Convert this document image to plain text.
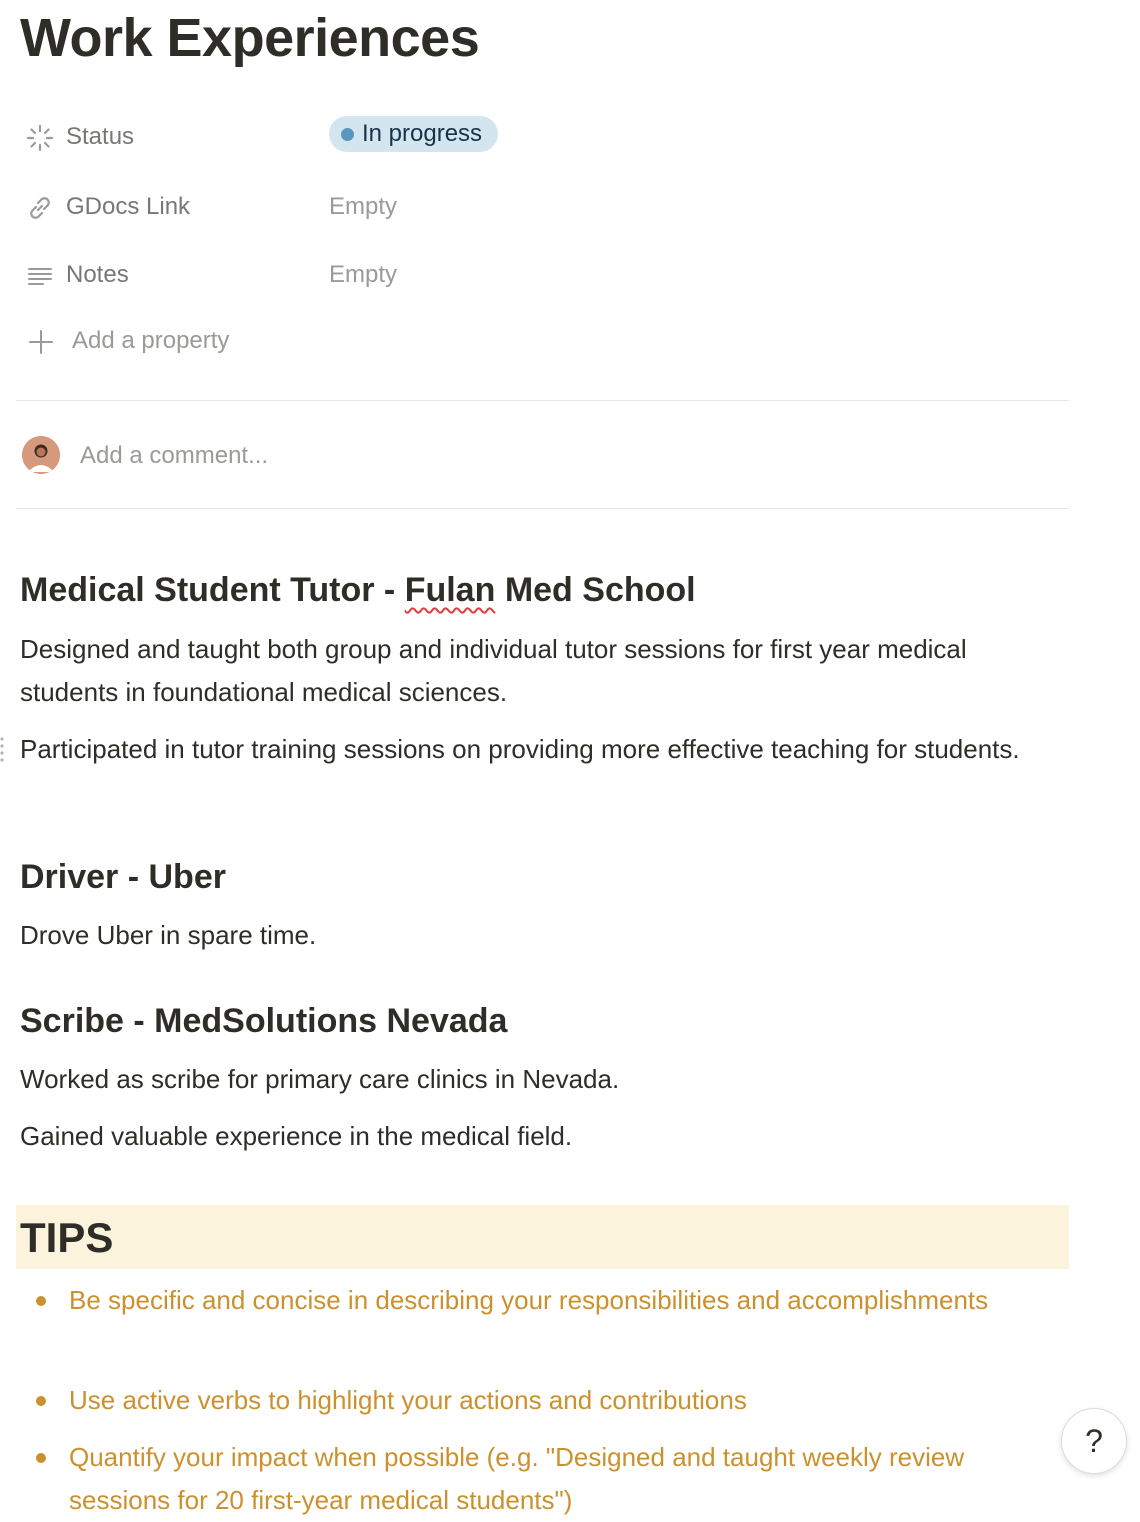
Work Experiences
Status	In progress
GDocs Link	Empty
Notes	Empty
Add a property
Add a comment...
Medical Student Tutor - Fulan Med School
Designed and taught both group and individual tutor sessions for first year medical students in foundational medical sciences.
Participated in tutor training sessions on providing more effective teaching for students.
Driver - Uber
Drove Uber in spare time.
Scribe - MedSolutions Nevada
Worked as scribe for primary care clinics in Nevada.
Gained valuable experience in the medical field.
TIPS
Be specific and concise in describing your responsibilities and accomplishments
Use active verbs to highlight your actions and contributions
Quantify your impact when possible (e.g. "Designed and taught weekly review sessions for 20 first-year medical students")
?
